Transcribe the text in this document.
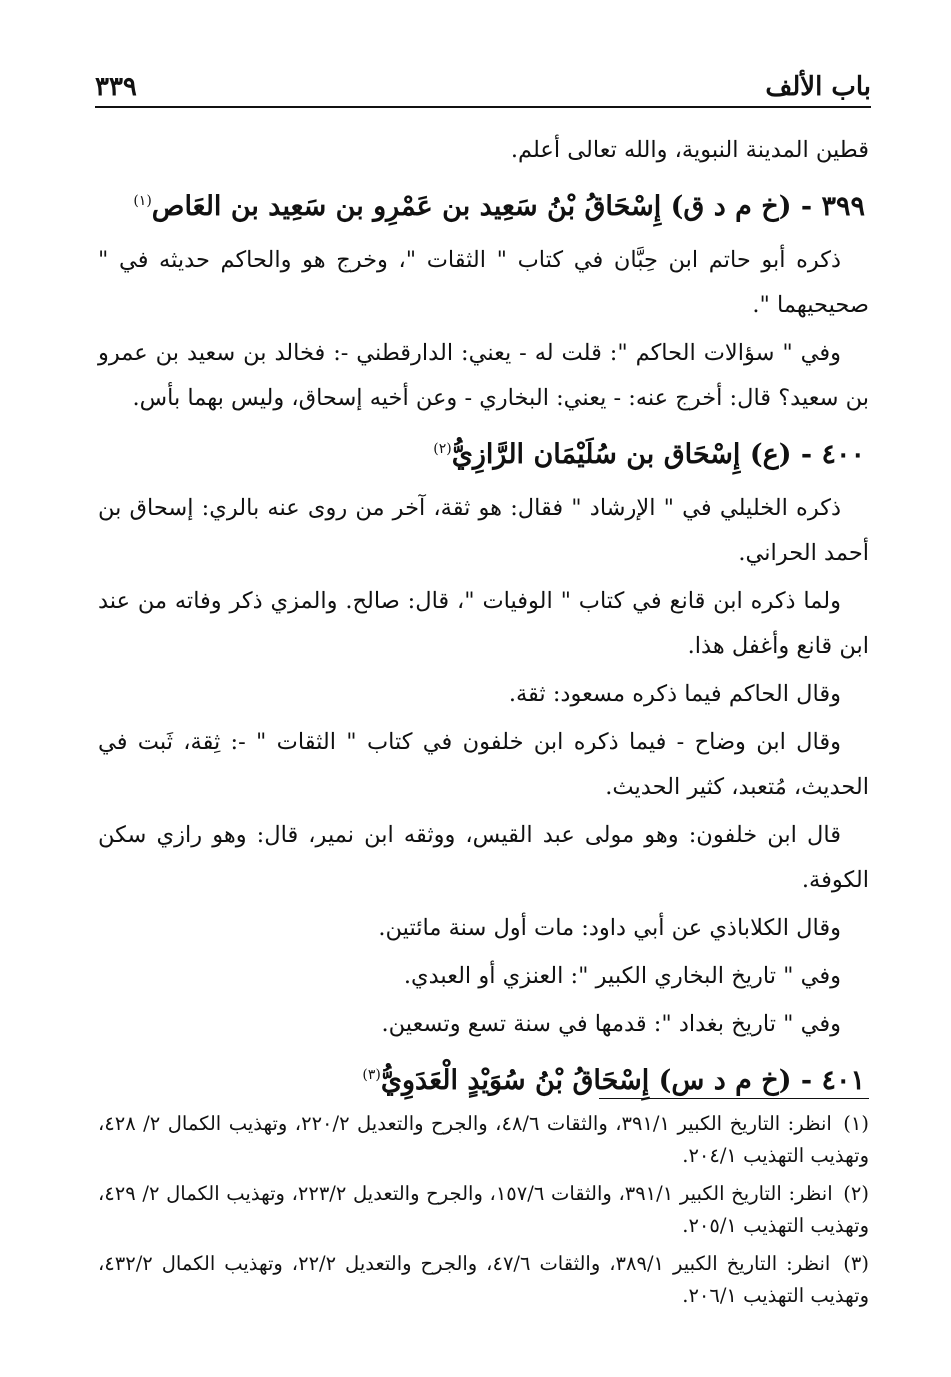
باب الألف
٣٣٩

قطين المدينة النبوية، والله تعالى أعلم.

٣٩٩ - (خ م د ق) إِسْحَاقُ بْنُ سَعِيد بن عَمْرِو بن سَعِيد بن العَاص$^{(١)}$

ذكره أبو حاتم ابن حِبَّان في كتاب " الثقات "، وخرج هو والحاكم حديثه في " صحيحيهما ".

وفي " سؤالات الحاكم ": قلت له - يعني: الدارقطني -: فخالد بن سعيد بن عمرو بن سعيد؟ قال: أخرج عنه: - يعني: البخاري - وعن أخيه إسحاق، وليس بهما بأس.

٤٠٠ - (ع) إِسْحَاق بن سُلَيْمَان الرَّازِيُّ$^{(٢)}$

ذكره الخليلي في " الإرشاد " فقال: هو ثقة، آخر من روى عنه بالري: إسحاق بن أحمد الحراني.

ولما ذكره ابن قانع في كتاب " الوفيات "، قال: صالح. والمزي ذكر وفاته من عند ابن قانع وأغفل هذا.

وقال الحاكم فيما ذكره مسعود: ثقة.

وقال ابن وضاح - فيما ذكره ابن خلفون في كتاب " الثقات " -: ثِقة، ثَبت في الحديث، مُتعبد، كثير الحديث.

قال ابن خلفون: وهو مولى عبد القيس، ووثقه ابن نمير، قال: وهو رازي سكن الكوفة.

وقال الكلاباذي عن أبي داود: مات أول سنة مائتين.

وفي " تاريخ البخاري الكبير ": العنزي أو العبدي.

وفي " تاريخ بغداد ": قدمها في سنة تسع وتسعين.

٤٠١ - (خ م د س) إِسْحَاقُ بْنُ سُوَيْدٍ الْعَدَوِيُّ$^{(٣)}$

(١) انظر: التاريخ الكبير ٣٩١/١، والثقات ٤٨/٦، والجرح والتعديل ٢٢٠/٢، وتهذيب الكمال ٢/ ٤٢٨، وتهذيب التهذيب ٢٠٤/١.

(٢) انظر: التاريخ الكبير ٣٩١/١، والثقات ١٥٧/٦، والجرح والتعديل ٢٢٣/٢، وتهذيب الكمال ٢/ ٤٢٩، وتهذيب التهذيب ٢٠٥/١.

(٣) انظر: التاريخ الكبير ٣٨٩/١، والثقات ٤٧/٦، والجرح والتعديل ٢٢/٢، وتهذيب الكمال ٤٣٢/٢، وتهذيب التهذيب ٢٠٦/١.
